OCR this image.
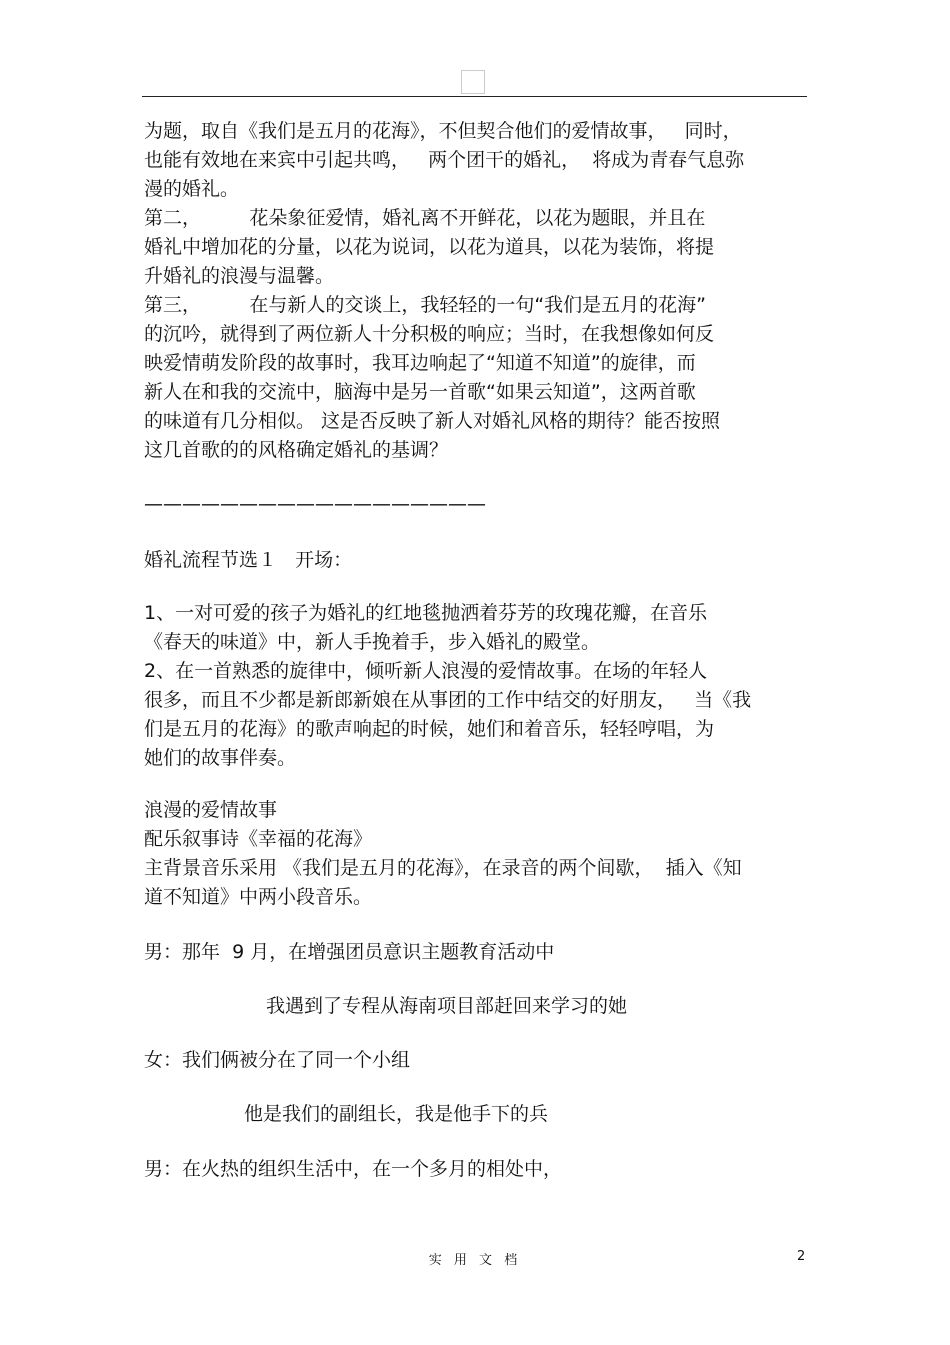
为题，取自《我们是五月的花海》，不但契合他们的爱情故事，   同时，

也能有效地在来宾中引起共鸣，   两个团干的婚礼，  将成为青春气息弥

漫的婚礼。

第二，        花朵象征爱情，婚礼离不开鲜花，以花为题眼，并且在

婚礼中增加花的分量，以花为说词，以花为道具，以花为装饰，将提

升婚礼的浪漫与温馨。

第三，        在与新人的交谈上，我轻轻的一句“我们是五月的花海”

的沉吟，就得到了两位新人十分积极的响应；当时，在我想像如何反

映爱情萌发阶段的故事时，我耳边响起了“知道不知道”的旋律，而

新人在和我的交流中，脑海中是另一首歌“如果云知道”，这两首歌

的味道有几分相似。 这是否反映了新人对婚礼风格的期待？能否按照

这几首歌的的风格确定婚礼的基调？

——————————————————

婚礼流程节选１   开场：

1、一对可爱的孩子为婚礼的红地毯抛洒着芬芳的玫瑰花瓣，在音乐

《春天的味道》中，新人手挽着手，步入婚礼的殿堂。

2、在一首熟悉的旋律中，倾听新人浪漫的爱情故事。在场的年轻人

很多，而且不少都是新郎新娘在从事团的工作中结交的好朋友，   当《我

们是五月的花海》的歌声响起的时候，她们和着音乐，轻轻哼唱，为

她们的故事伴奏。

浪漫的爱情故事

配乐叙事诗《幸福的花海》

主背景音乐采用 《我们是五月的花海》，在录音的两个间歇，  插入《知

道不知道》中两小段音乐。

男：那年  9 月，在增强团员意识主题教育活动中

我遇到了专程从海南项目部赶回来学习的她

女：我们俩被分在了同一个小组

他是我们的副组长，我是他手下的兵

男：在火热的组织生活中，在一个多月的相处中，

实 用 文 档	2
